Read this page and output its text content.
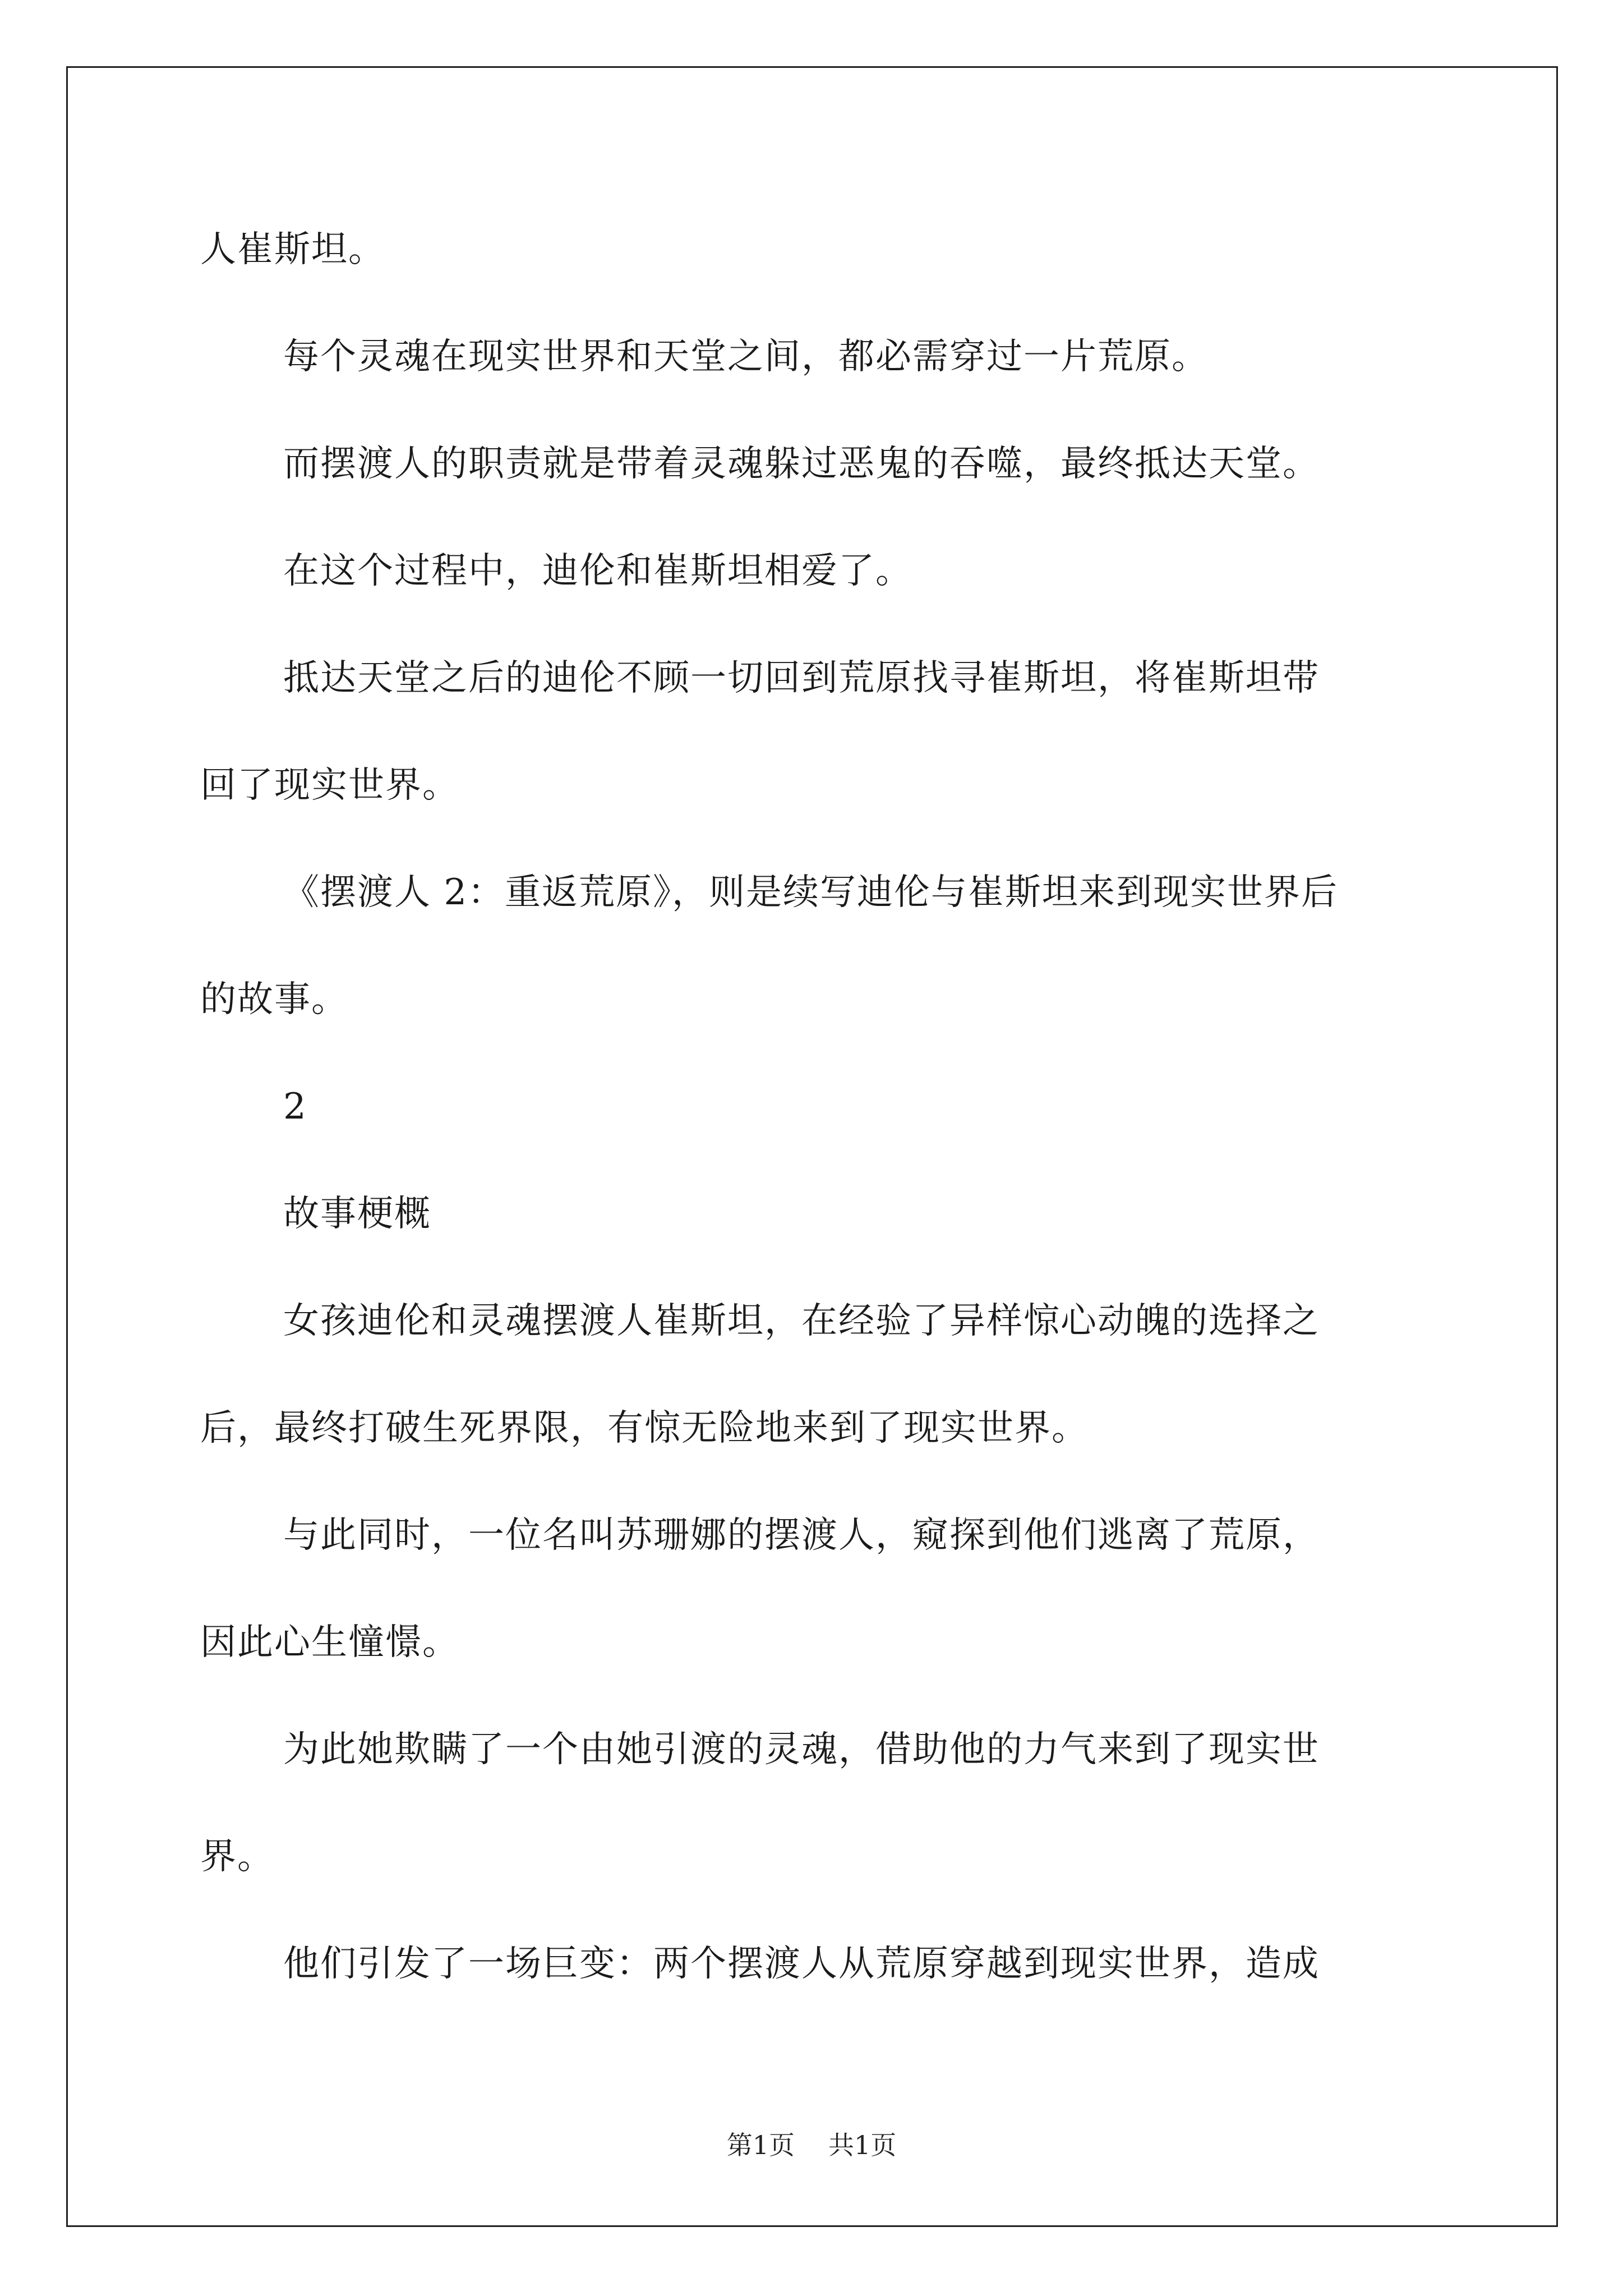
人崔斯坦。
每个灵魂在现实世界和天堂之间，都必需穿过一片荒原。
而摆渡人的职责就是带着灵魂躲过恶鬼的吞噬，最终抵达天堂。
在这个过程中，迪伦和崔斯坦相爱了。
抵达天堂之后的迪伦不顾一切回到荒原找寻崔斯坦，将崔斯坦带
回了现实世界。
《摆渡人 2：重返荒原》，则是续写迪伦与崔斯坦来到现实世界后
的故事。
2
故事梗概
女孩迪伦和灵魂摆渡人崔斯坦，在经验了异样惊心动魄的选择之
后，最终打破生死界限，有惊无险地来到了现实世界。
与此同时，一位名叫苏珊娜的摆渡人，窥探到他们逃离了荒原，
因此心生憧憬。
为此她欺瞒了一个由她引渡的灵魂，借助他的力气来到了现实世
界。
他们引发了一场巨变：两个摆渡人从荒原穿越到现实世界，造成
第1页 共1页
